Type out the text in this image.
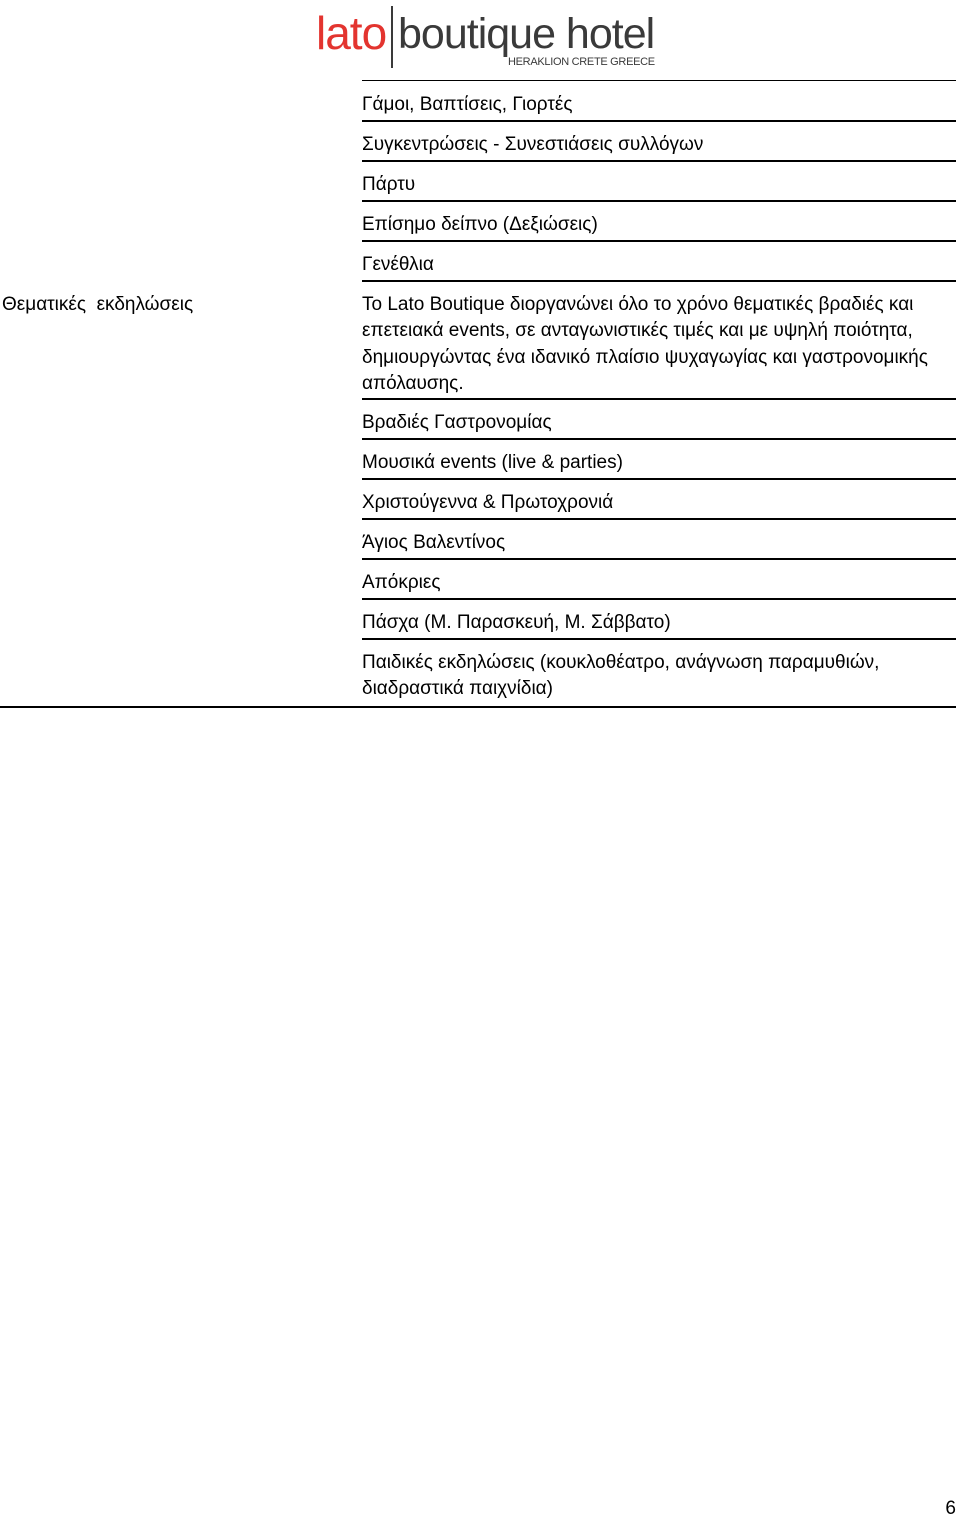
lato boutique hotel
HERAKLION CRETE GREECE
Γάμοι, Βαπτίσεις, Γιορτές
Συγκεντρώσεις - Συνεστιάσεις συλλόγων
Πάρτυ
Επίσημο δείπνο (Δεξιώσεις)
Γενέθλια
Θεματικές  εκδηλώσεις	Το Lato Boutique διοργανώνει όλο το χρόνο θεματικές βραδιές και επετειακά events, σε ανταγωνιστικές τιμές και με υψηλή ποιότητα, δημιουργώντας ένα ιδανικό πλαίσιο ψυχαγωγίας και γαστρονομικής απόλαυσης.
Βραδιές Γαστρονομίας
Μουσικά events (live & parties)
Χριστούγεννα & Πρωτοχρονιά
Άγιος Βαλεντίνος
Απόκριες
Πάσχα (Μ. Παρασκευή, Μ. Σάββατο)
Παιδικές εκδηλώσεις (κουκλοθέατρο, ανάγνωση παραμυθιών, διαδραστικά παιχνίδια)
6
